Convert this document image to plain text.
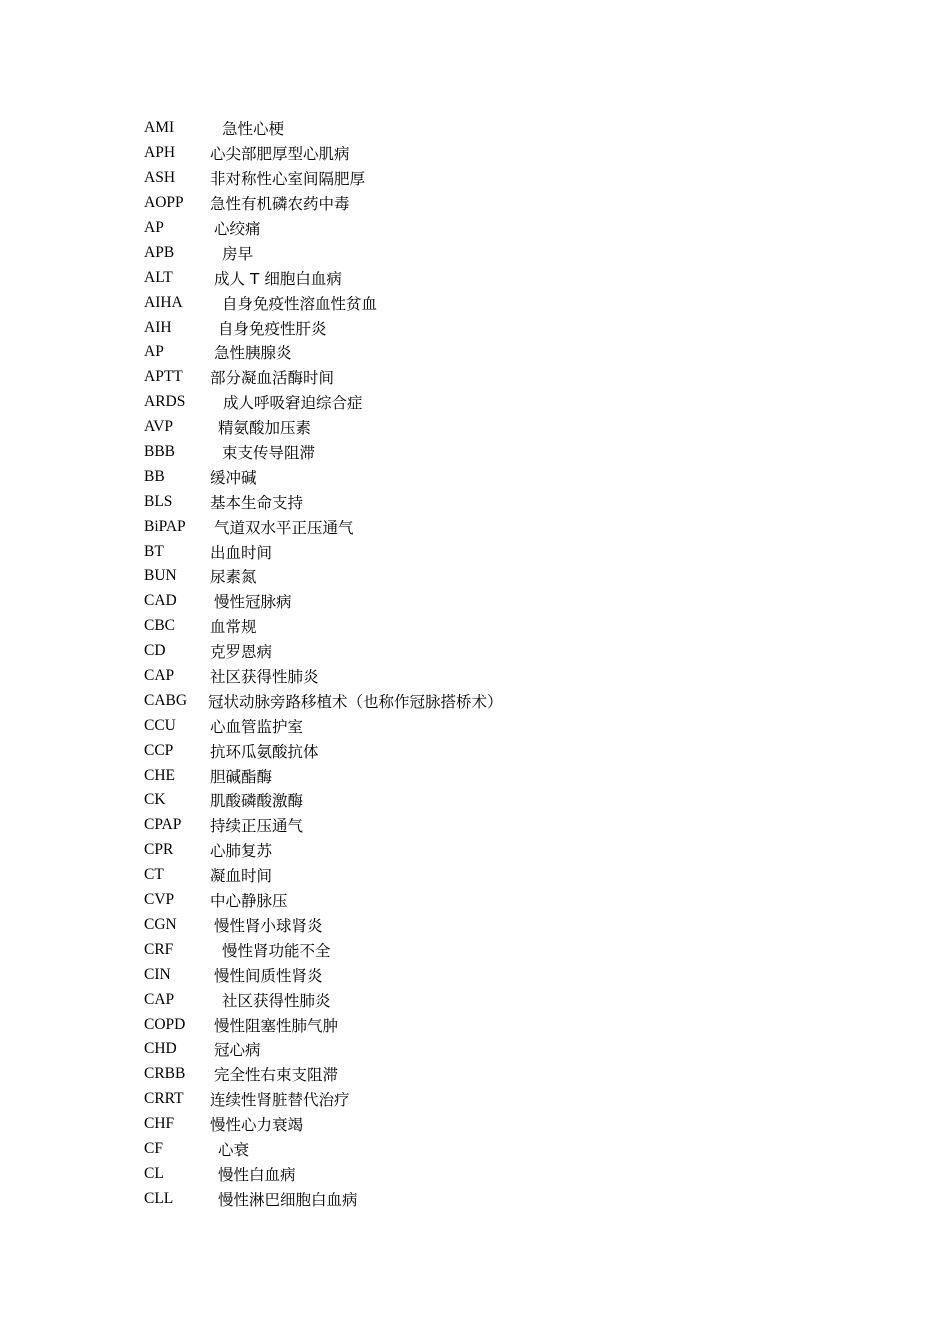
AMI	急性心梗
APH	心尖部肥厚型心肌病
ASH	非对称性心室间隔肥厚
AOPP	急性有机磷农药中毒
AP	心绞痛
APB	房早
ALT	成人 T 细胞白血病
AIHA	自身免疫性溶血性贫血
AIH	自身免疫性肝炎
AP	急性胰腺炎
APTT	部分凝血活酶时间
ARDS	成人呼吸窘迫综合症
AVP	精氨酸加压素
BBB	束支传导阻滞
BB	缓冲碱
BLS	基本生命支持
BiPAP	气道双水平正压通气
BT	出血时间
BUN	尿素氮
CAD	慢性冠脉病
CBC	血常规
CD	克罗恩病
CAP	社区获得性肺炎
CABG	冠状动脉旁路移植术（也称作冠脉搭桥术）
CCU	心血管监护室
CCP	抗环瓜氨酸抗体
CHE	胆碱酯酶
CK	肌酸磷酸激酶
CPAP	持续正压通气
CPR	心肺复苏
CT	凝血时间
CVP	中心静脉压
CGN	慢性肾小球肾炎
CRF	慢性肾功能不全
CIN	慢性间质性肾炎
CAP	社区获得性肺炎
COPD	慢性阻塞性肺气肿
CHD	冠心病
CRBB	完全性右束支阻滞
CRRT	连续性肾脏替代治疗
CHF	慢性心力衰竭
CF	心衰
CL	慢性白血病
CLL	慢性淋巴细胞白血病
